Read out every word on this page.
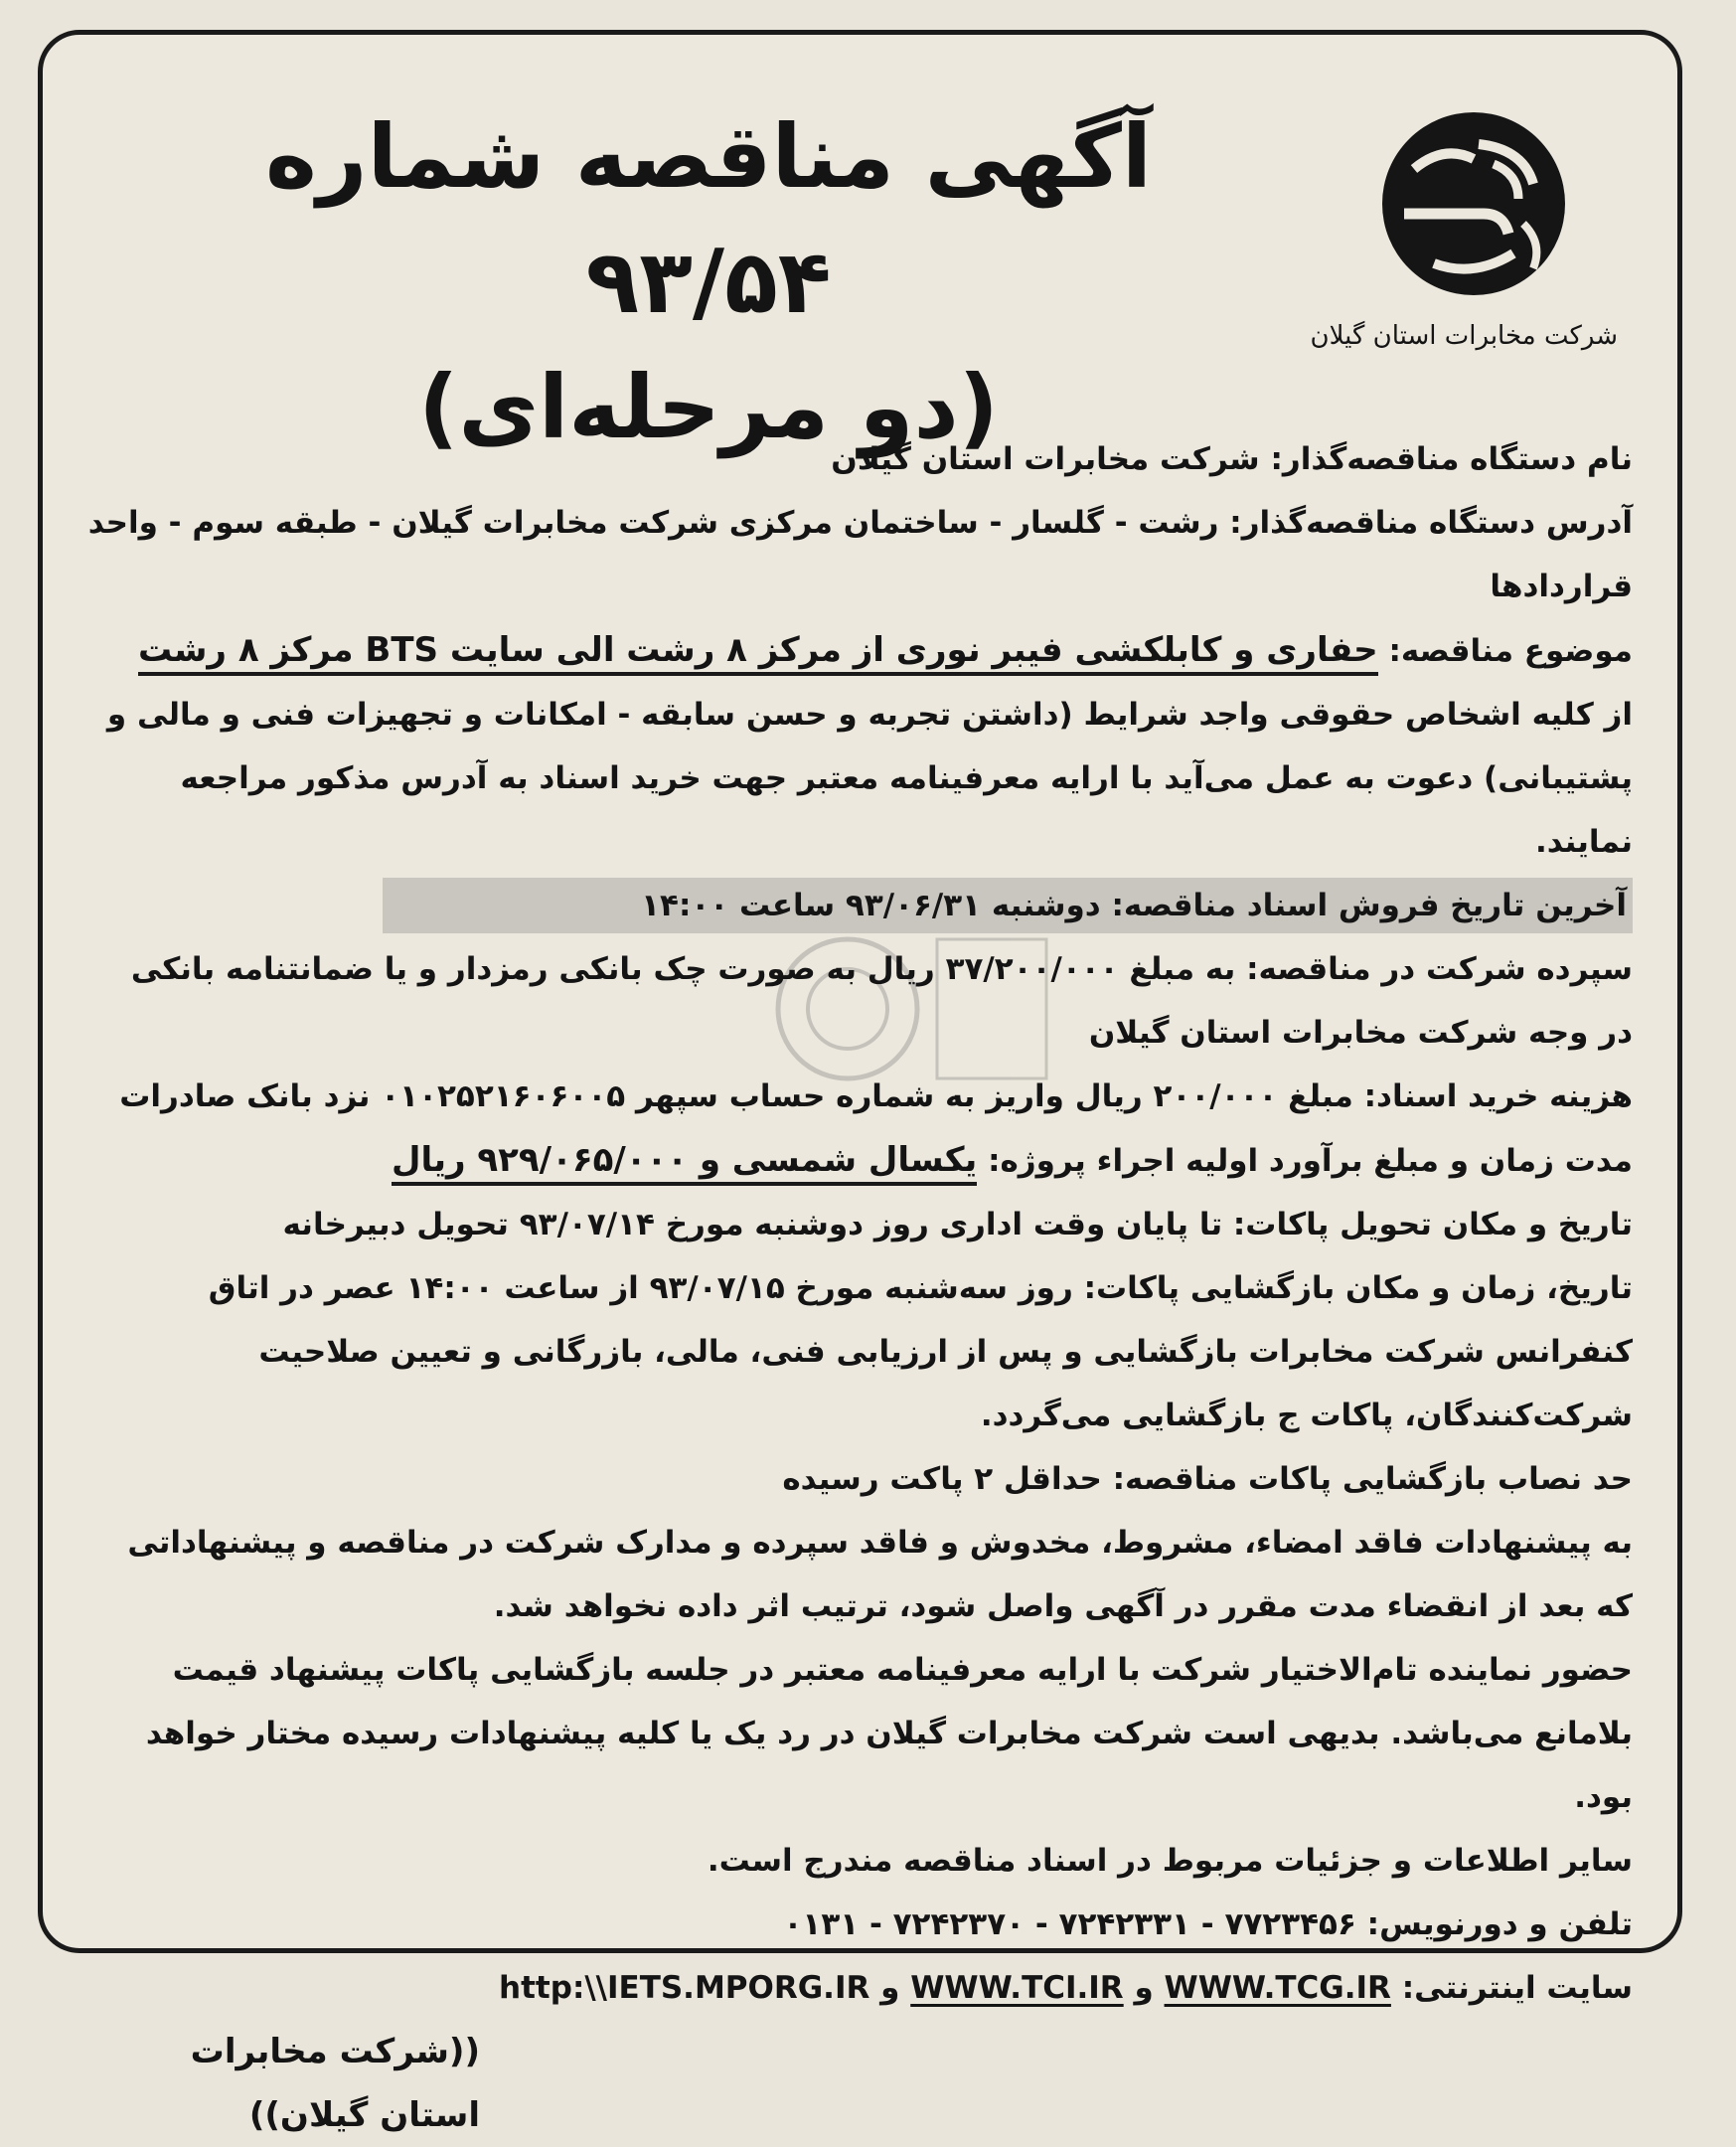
شرکت مخابرات استان گیلان
آگهی مناقصه شماره ۹۳/۵۴
(دو مرحله‌ای)

نام دستگاه مناقصه‌گذار: شرکت مخابرات استان گیلان

آدرس دستگاه مناقصه‌گذار: رشت - گلسار - ساختمان مرکزی شرکت مخابرات گیلان - طبقه سوم - واحد قراردادها

موضوع مناقصه: حفاری و کابلکشی فیبر نوری از مرکز ۸ رشت الی سایت BTS مرکز ۸ رشت

از کلیه اشخاص حقوقی واجد شرایط (داشتن تجربه و حسن سابقه - امکانات و تجهیزات فنی و مالی و پشتیبانی) دعوت به عمل می‌آید با ارایه معرفینامه معتبر جهت خرید اسناد به آدرس مذکور مراجعه نمایند.

آخرین تاریخ فروش اسناد مناقصه: دوشنبه ۹۳/۰۶/۳۱ ساعت ۱۴:۰۰

سپرده شرکت در مناقصه: به مبلغ ۳۷/۲۰۰/۰۰۰ ریال به صورت چک بانکی رمزدار و یا ضمانتنامه بانکی در وجه شرکت مخابرات استان گیلان

هزینه خرید اسناد: مبلغ ۲۰۰/۰۰۰ ریال واریز به شماره حساب سپهر ۰۱۰۲۵۲۱۶۰۶۰۰۵ نزد بانک صادرات

مدت زمان و مبلغ برآورد اولیه اجراء پروژه: یکسال شمسی و ۹۲۹/۰۶۵/۰۰۰ ریال

تاریخ و مکان تحویل پاکات: تا پایان وقت اداری روز دوشنبه مورخ ۹۳/۰۷/۱۴ تحویل دبیرخانه

تاریخ، زمان و مکان بازگشایی پاکات: روز سه‌شنبه مورخ ۹۳/۰۷/۱۵ از ساعت ۱۴:۰۰ عصر در اتاق کنفرانس شرکت مخابرات بازگشایی و پس از ارزیابی فنی، مالی، بازرگانی و تعیین صلاحیت شرکت‌کنندگان، پاکات ج بازگشایی می‌گردد.

حد نصاب بازگشایی پاکات مناقصه: حداقل ۲ پاکت رسیده

به پیشنهادات فاقد امضاء، مشروط، مخدوش و فاقد سپرده و مدارک شرکت در مناقصه و پیشنهاداتی که بعد از انقضاء مدت مقرر در آگهی واصل شود، ترتیب اثر داده نخواهد شد.

حضور نماینده تام‌الاختیار شرکت با ارایه معرفینامه معتبر در جلسه بازگشایی پاکات پیشنهاد قیمت بلامانع می‌باشد. بدیهی است شرکت مخابرات گیلان در رد یک یا کلیه پیشنهادات رسیده مختار خواهد بود.

سایر اطلاعات و جزئیات مربوط در اسناد مناقصه مندرج است.

تلفن و دورنویس: ۷۷۲۳۴۵۶ - ۷۲۴۲۳۳۱ - ۷۲۴۲۳۷۰ - ۰۱۳۱

سایت اینترنتی: WWW.TCG.IR و WWW.TCI.IR و http:\\IETS.MPORG.IR

((شرکت مخابرات استان گیلان))
